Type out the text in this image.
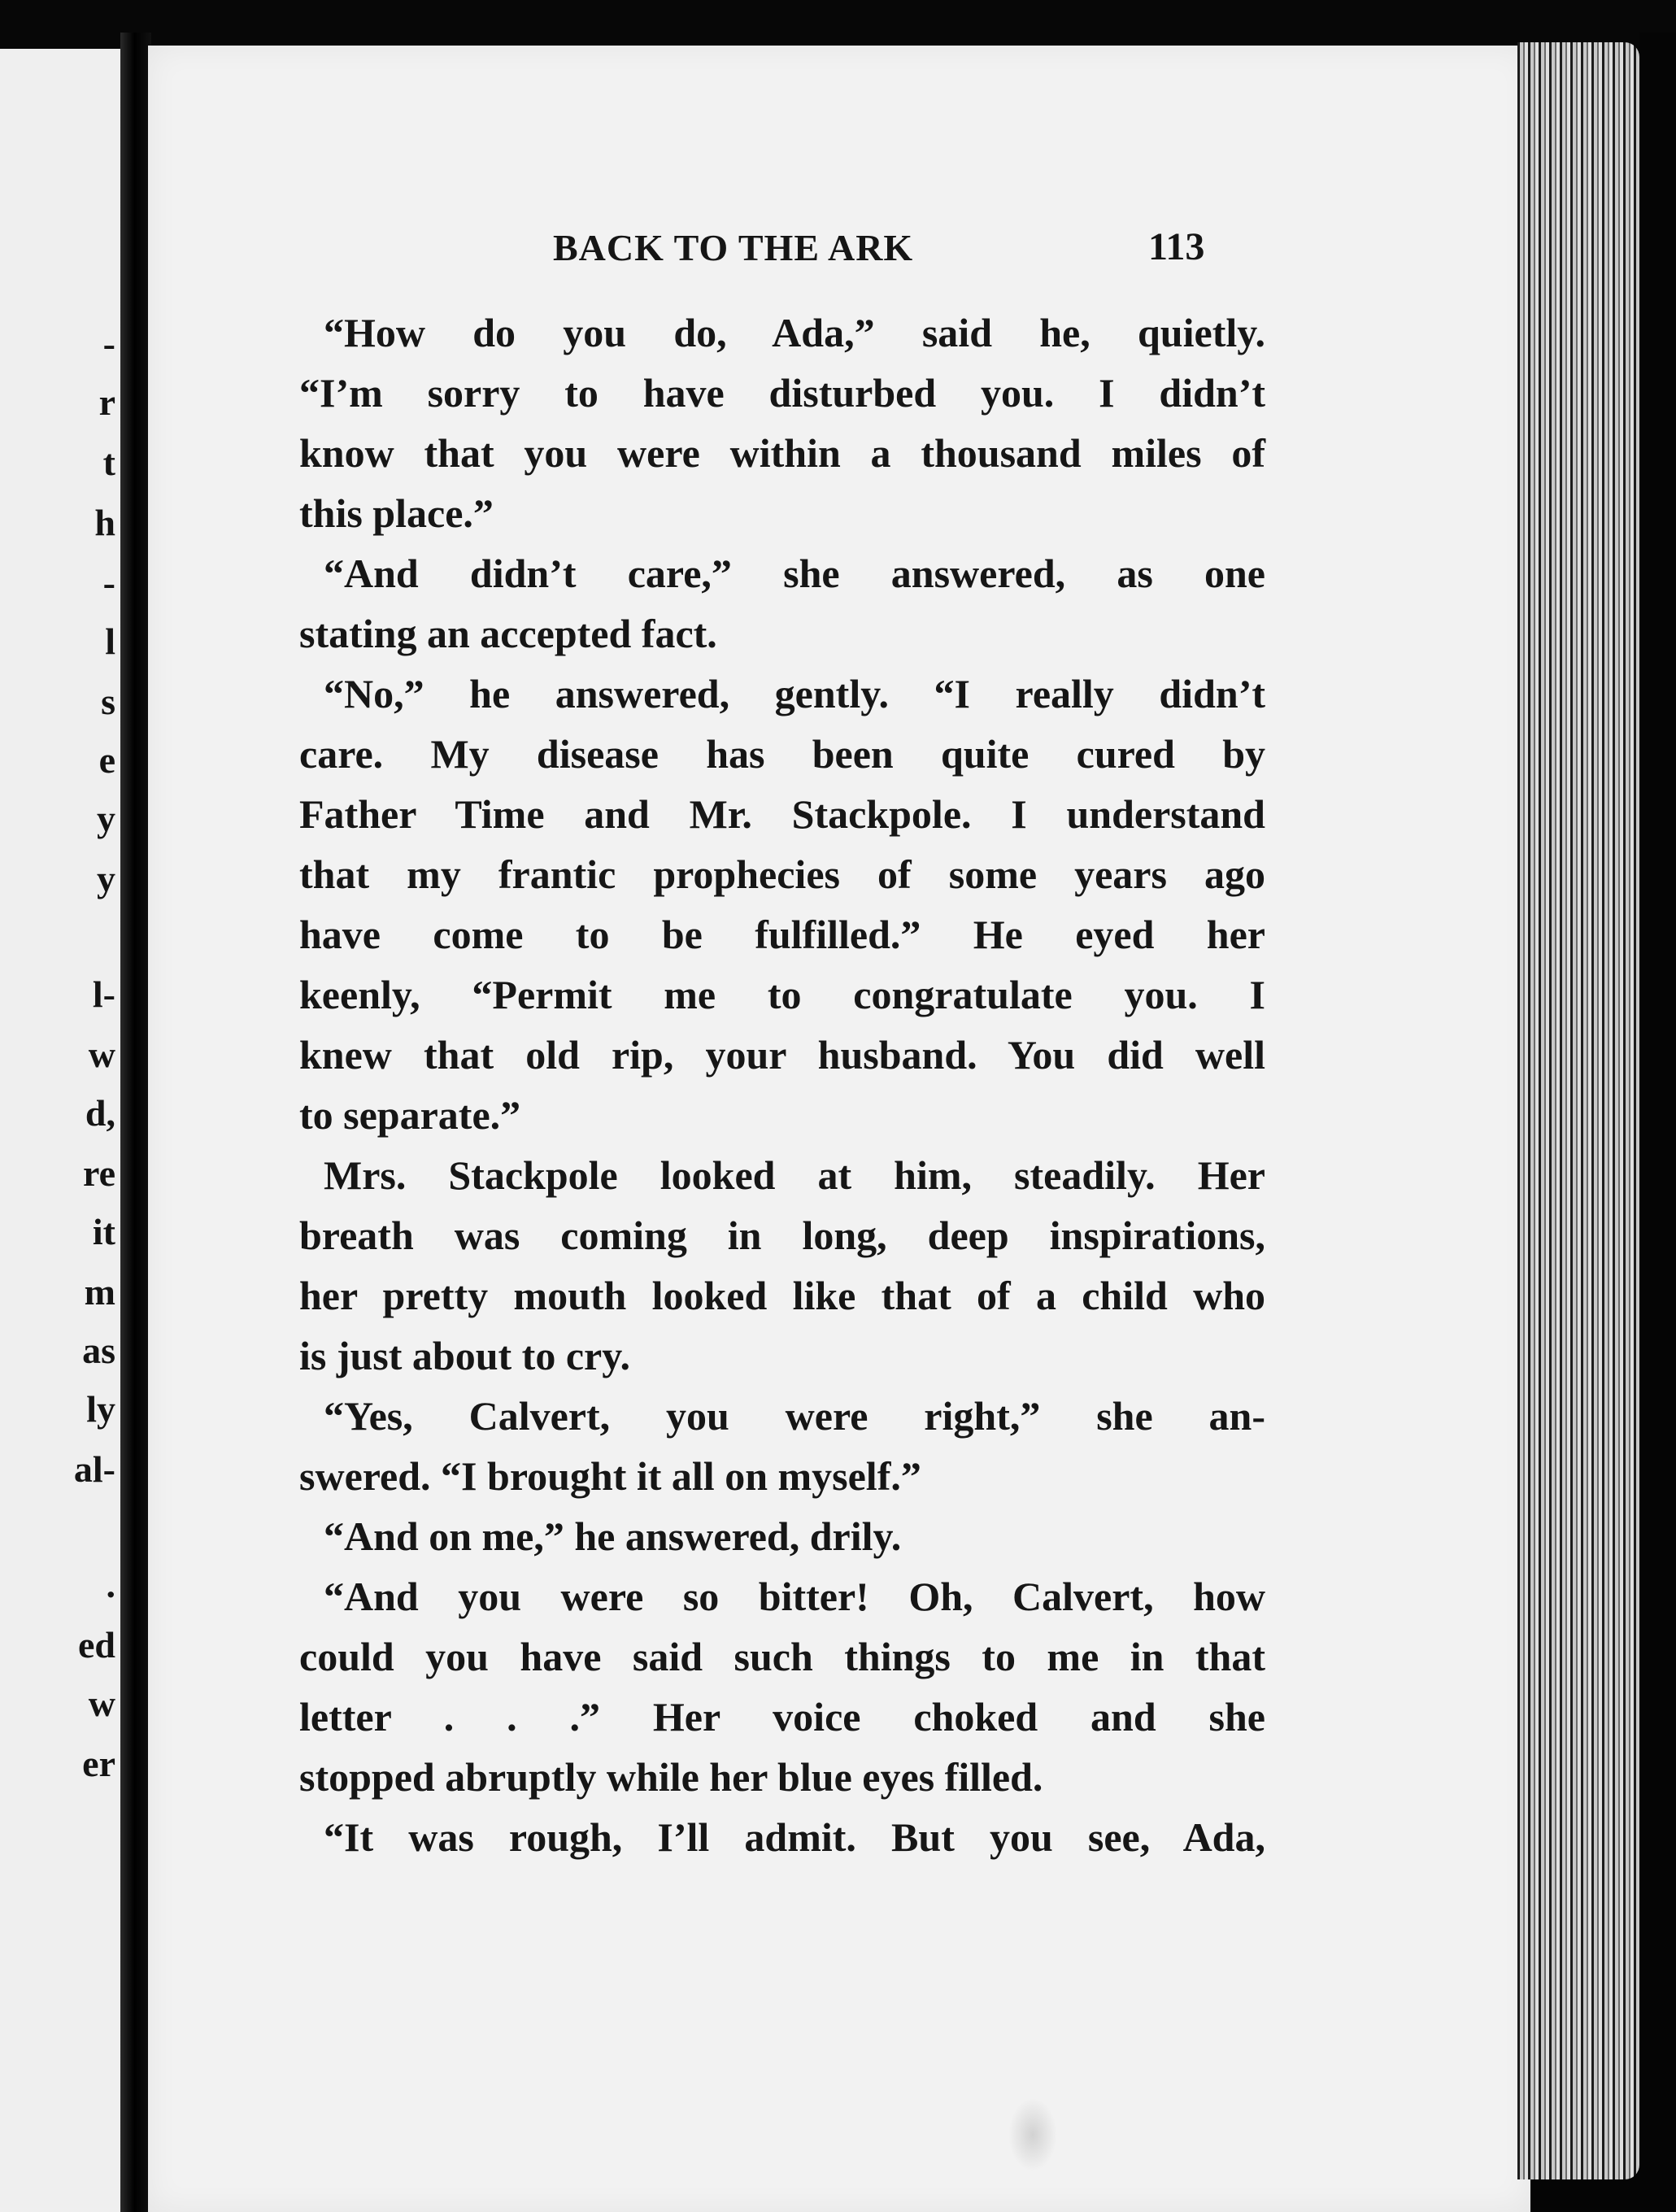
-
r
t
h
-
l
s
e
y
y
l-
w
d,
re
it
m
as
ly
al-
.
ed
w
er
BACK TO THE ARK	113
“How do you do, Ada,” said he, quietly.
“I’m sorry to have disturbed you. I didn’t
know that you were within a thousand miles of
this place.”
“And didn’t care,” she answered, as one
stating an accepted fact.
“No,” he answered, gently. “I really didn’t
care. My disease has been quite cured by
Father Time and Mr. Stackpole. I understand
that my frantic prophecies of some years ago
have come to be fulfilled.” He eyed her
keenly, “Permit me to congratulate you. I
knew that old rip, your husband. You did well
to separate.”
Mrs. Stackpole looked at him, steadily. Her
breath was coming in long, deep inspirations,
her pretty mouth looked like that of a child who
is just about to cry.
“Yes, Calvert, you were right,” she an-
swered. “I brought it all on myself.”
“And on me,” he answered, drily.
“And you were so bitter! Oh, Calvert, how
could you have said such things to me in that
letter . . .” Her voice choked and she
stopped abruptly while her blue eyes filled.
“It was rough, I’ll admit. But you see, Ada,
